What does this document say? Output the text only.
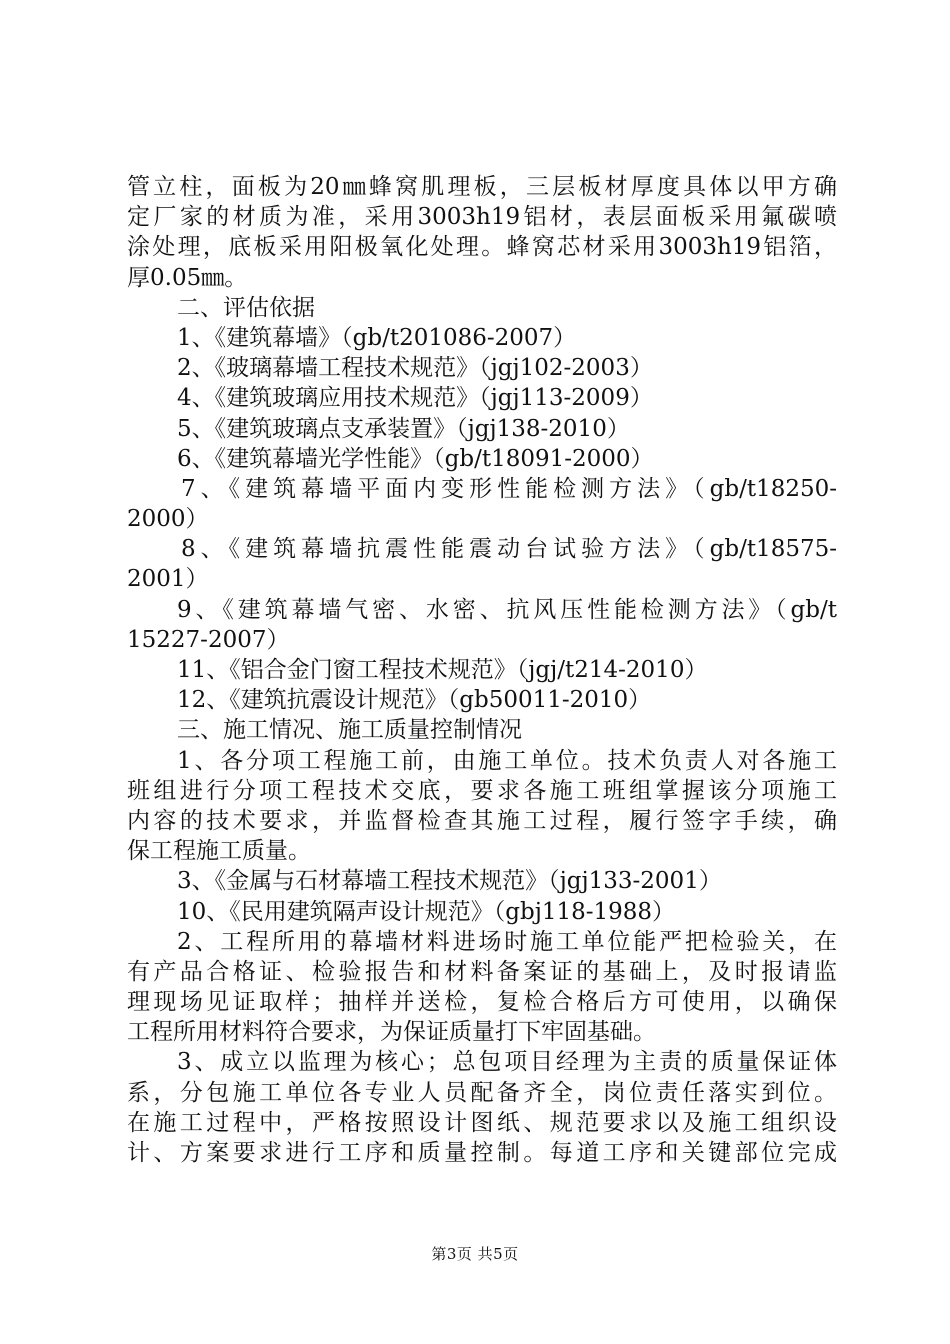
管立柱，面板为20㎜蜂窝肌理板，三层板材厚度具体以甲方确
定厂家的材质为准，采用3003h19铝材，表层面板采用氟碳喷
涂处理，底板采用阳极氧化处理。蜂窝芯材采用3003h19铝箔，
厚0.05㎜。
二、评估依据
1、《建筑幕墙》（gb/t201086-2007）
2、《玻璃幕墙工程技术规范》（jgj102-2003）
4、《建筑玻璃应用技术规范》（jgj113-2009）
5、《建筑玻璃点支承装置》（jgj138-2010）
6、《建筑幕墙光学性能》（gb/t18091-2000）
7、《建筑幕墙平面内变形性能检测方法》（gb/t18250-
2000）
8、《建筑幕墙抗震性能震动台试验方法》（gb/t18575-
2001）
9、《建筑幕墙气密、水密、抗风压性能检测方法》（gb/t
15227-2007）
11、《铝合金门窗工程技术规范》（jgj/t214-2010）
12、《建筑抗震设计规范》（gb50011-2010）
三、施工情况、施工质量控制情况
1、各分项工程施工前，由施工单位。技术负责人对各施工
班组进行分项工程技术交底，要求各施工班组掌握该分项施工
内容的技术要求，并监督检查其施工过程，履行签字手续，确
保工程施工质量。
3、《金属与石材幕墙工程技术规范》（jgj133-2001）
10、《民用建筑隔声设计规范》（gbj118-1988）
2、工程所用的幕墙材料进场时施工单位能严把检验关，在
有产品合格证、检验报告和材料备案证的基础上，及时报请监
理现场见证取样；抽样并送检，复检合格后方可使用，以确保
工程所用材料符合要求，为保证质量打下牢固基础。
3、成立以监理为核心；总包项目经理为主责的质量保证体
系，分包施工单位各专业人员配备齐全，岗位责任落实到位。
在施工过程中，严格按照设计图纸、规范要求以及施工组织设
计、方案要求进行工序和质量控制。每道工序和关键部位完成
第3页 共5页
